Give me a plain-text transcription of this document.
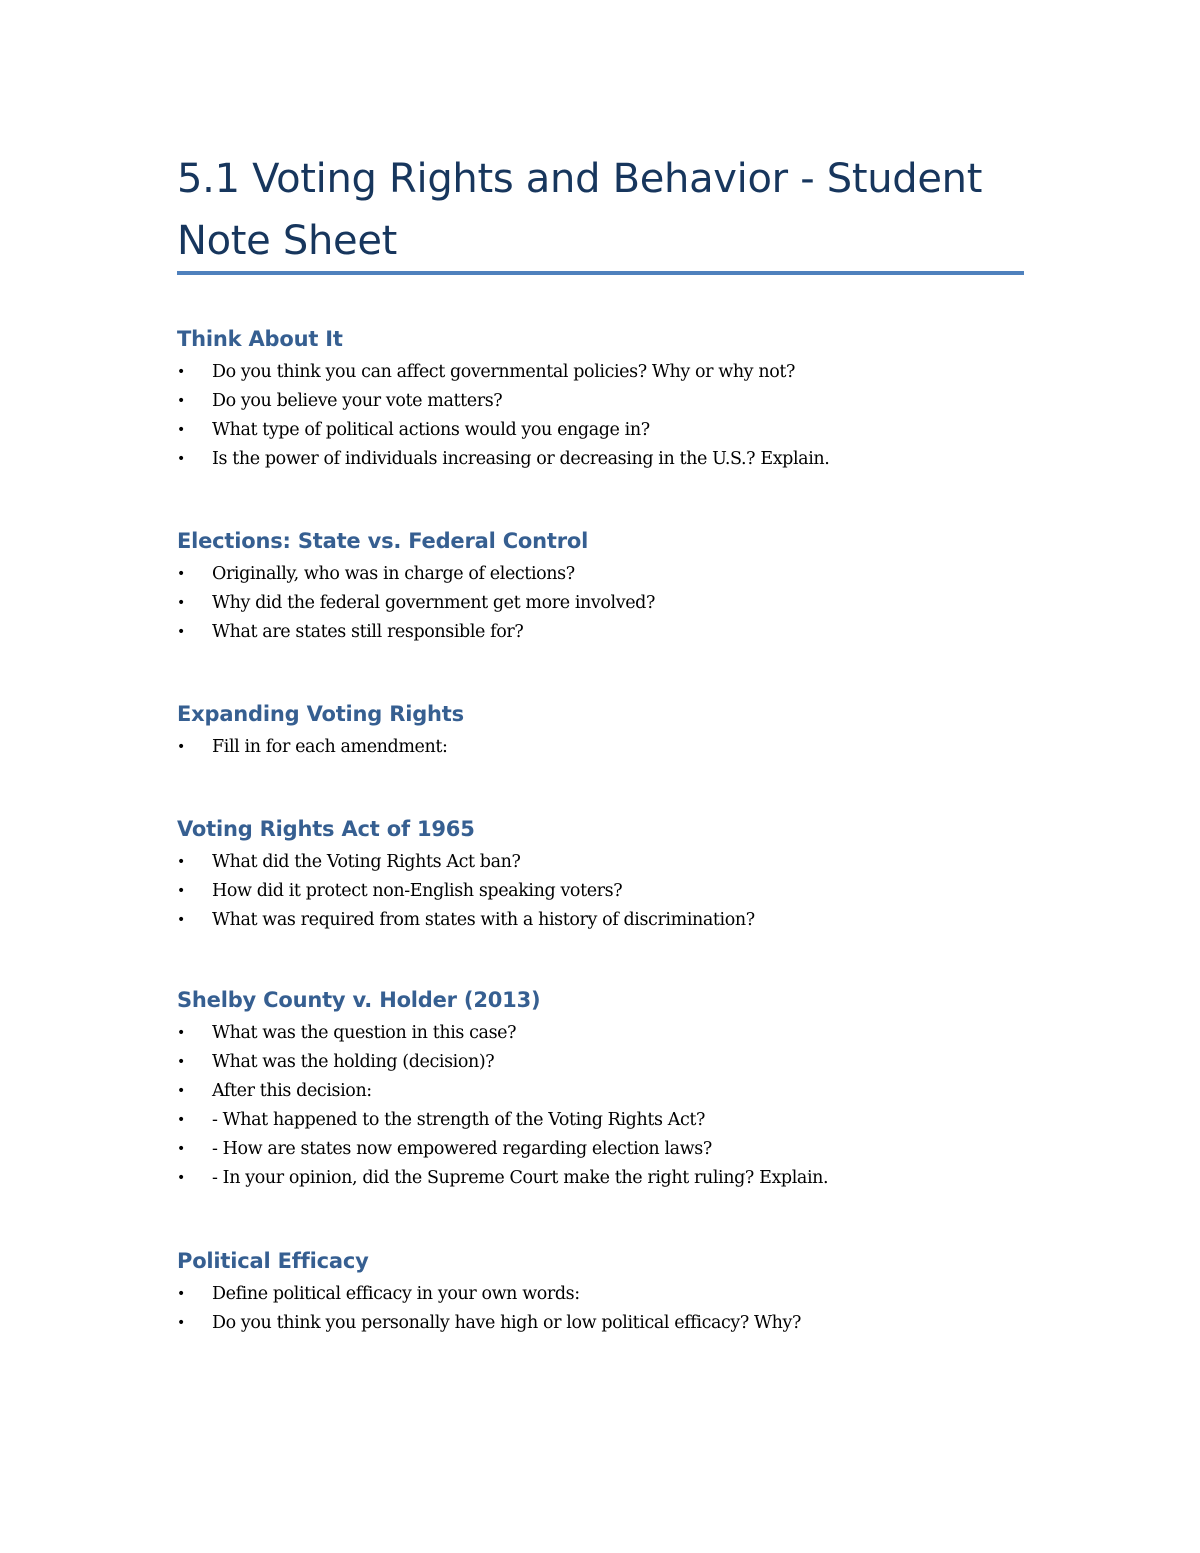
5.1 Voting Rights and Behavior - Student Note Sheet
Think About It
• Do you think you can affect governmental policies? Why or why not?
• Do you believe your vote matters?
• What type of political actions would you engage in?
• Is the power of individuals increasing or decreasing in the U.S.? Explain.
Elections: State vs. Federal Control
• Originally, who was in charge of elections?
• Why did the federal government get more involved?
• What are states still responsible for?
Expanding Voting Rights
• Fill in for each amendment:
Voting Rights Act of 1965
• What did the Voting Rights Act ban?
• How did it protect non-English speaking voters?
• What was required from states with a history of discrimination?
Shelby County v. Holder (2013)
• What was the question in this case?
• What was the holding (decision)?
• After this decision:
• - What happened to the strength of the Voting Rights Act?
• - How are states now empowered regarding election laws?
• - In your opinion, did the Supreme Court make the right ruling? Explain.
Political Efficacy
• Define political efficacy in your own words:
• Do you think you personally have high or low political efficacy? Why?
